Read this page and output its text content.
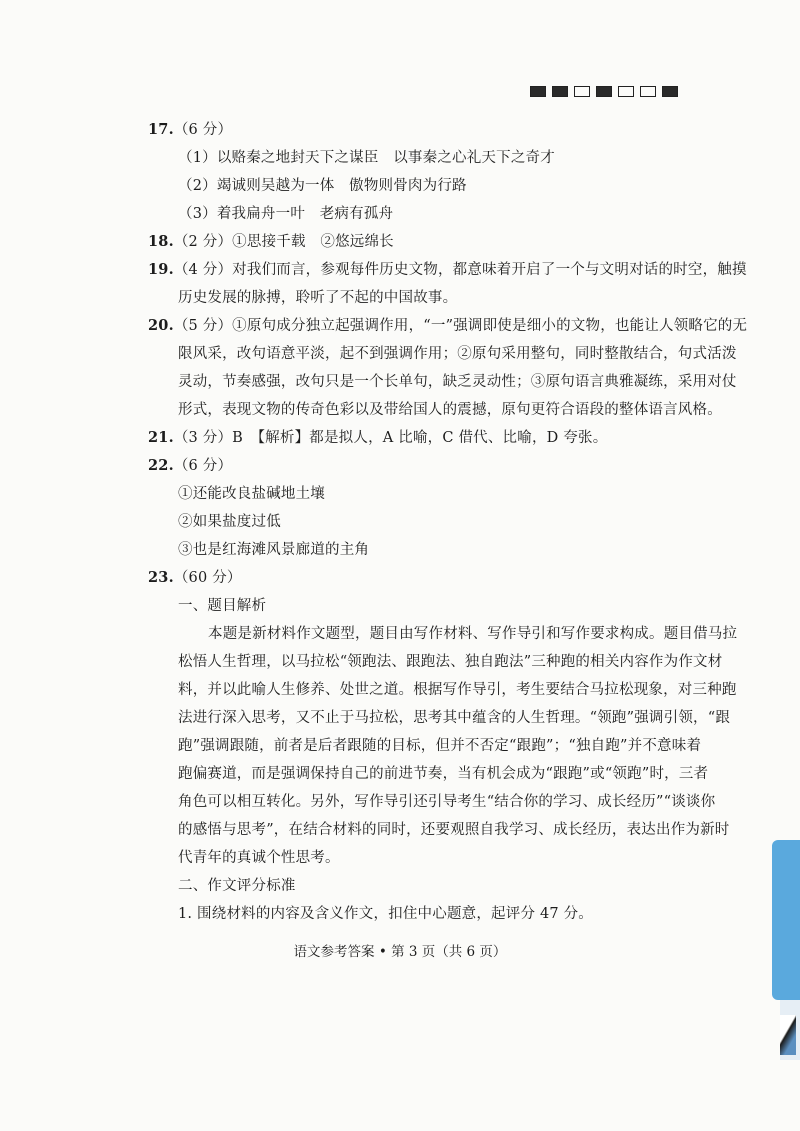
17.（6 分）
（1）以赂秦之地封天下之谋臣　以事秦之心礼天下之奇才
（2）竭诚则吴越为一体　傲物则骨肉为行路
（3）着我扁舟一叶　老病有孤舟
18.（2 分）①思接千载　②悠远绵长
19.（4 分）对我们而言，参观每件历史文物，都意味着开启了一个与文明对话的时空，触摸
历史发展的脉搏，聆听了不起的中国故事。
20.（5 分）①原句成分独立起强调作用，“一”强调即使是细小的文物，也能让人领略它的无
限风采，改句语意平淡，起不到强调作用；②原句采用整句，同时整散结合，句式活泼
灵动，节奏感强，改句只是一个长单句，缺乏灵动性；③原句语言典雅凝练，采用对仗
形式，表现文物的传奇色彩以及带给国人的震撼，原句更符合语段的整体语言风格。
21.（3 分）B　【解析】都是拟人，A 比喻，C 借代、比喻，D 夸张。
22.（6 分）
①还能改良盐碱地土壤
②如果盐度过低
③也是红海滩风景廊道的主角
23.（60 分）
一、题目解析
本题是新材料作文题型，题目由写作材料、写作导引和写作要求构成。题目借马拉
松悟人生哲理，以马拉松“领跑法、跟跑法、独自跑法”三种跑的相关内容作为作文材
料，并以此喻人生修养、处世之道。根据写作导引，考生要结合马拉松现象，对三种跑
法进行深入思考，又不止于马拉松，思考其中蕴含的人生哲理。“领跑”强调引领，“跟
跑”强调跟随，前者是后者跟随的目标，但并不否定“跟跑”；“独自跑”并不意味着
跑偏赛道，而是强调保持自己的前进节奏，当有机会成为“跟跑”或“领跑”时，三者
角色可以相互转化。另外，写作导引还引导考生“结合你的学习、成长经历”“谈谈你
的感悟与思考”，在结合材料的同时，还要观照自我学习、成长经历，表达出作为新时
代青年的真诚个性思考。
二、作文评分标准
1. 围绕材料的内容及含义作文，扣住中心题意，起评分 47 分。
语文参考答案 • 第 3 页（共 6 页）
